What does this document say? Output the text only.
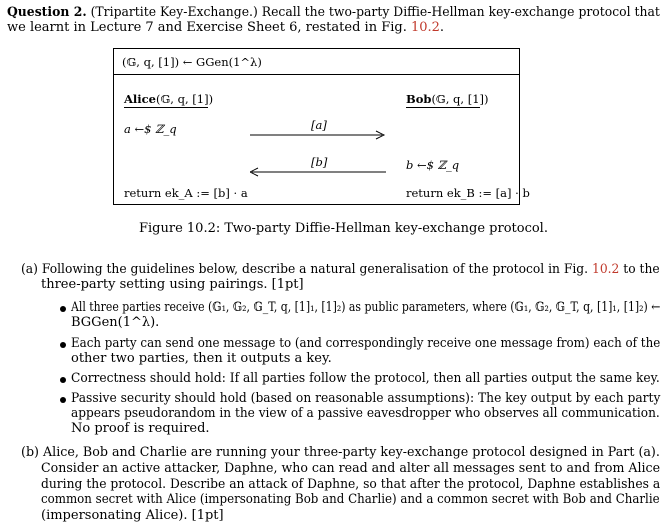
Question 2. (Tripartite Key-Exchange.) Recall the two-party Diffie-Hellman key-exchange protocol that
we learnt in Lecture 7 and Exercise Sheet 6, restated in Fig. 10.2.
(𝔾, q, [1]) ← GGen(1^λ)
Alice(𝔾, q, [1])	Bob(𝔾, q, [1])
a ←$ ℤ_q	[a]
[b]	b ←$ ℤ_q
return ek_A := [b] · a	return ek_B := [a] · b
Figure 10.2: Two-party Diffie-Hellman key-exchange protocol.
(a) Following the guidelines below, describe a natural generalisation of the protocol in Fig. 10.2 to the
three-party setting using pairings. [1pt]
All three parties receive (𝔾₁, 𝔾₂, 𝔾_T, q, [1]₁, [1]₂) as public parameters, where (𝔾₁, 𝔾₂, 𝔾_T, q, [1]₁, [1]₂) ←
BGGen(1^λ).
Each party can send one message to (and correspondingly receive one message from) each of the
other two parties, then it outputs a key.
Correctness should hold: If all parties follow the protocol, then all parties output the same key.
Passive security should hold (based on reasonable assumptions): The key output by each party
appears pseudorandom in the view of a passive eavesdropper who observes all communication.
No proof is required.
(b) Alice, Bob and Charlie are running your three-party key-exchange protocol designed in Part (a).
Consider an active attacker, Daphne, who can read and alter all messages sent to and from Alice
during the protocol. Describe an attack of Daphne, so that after the protocol, Daphne establishes a
common secret with Alice (impersonating Bob and Charlie) and a common secret with Bob and Charlie
(impersonating Alice). [1pt]
